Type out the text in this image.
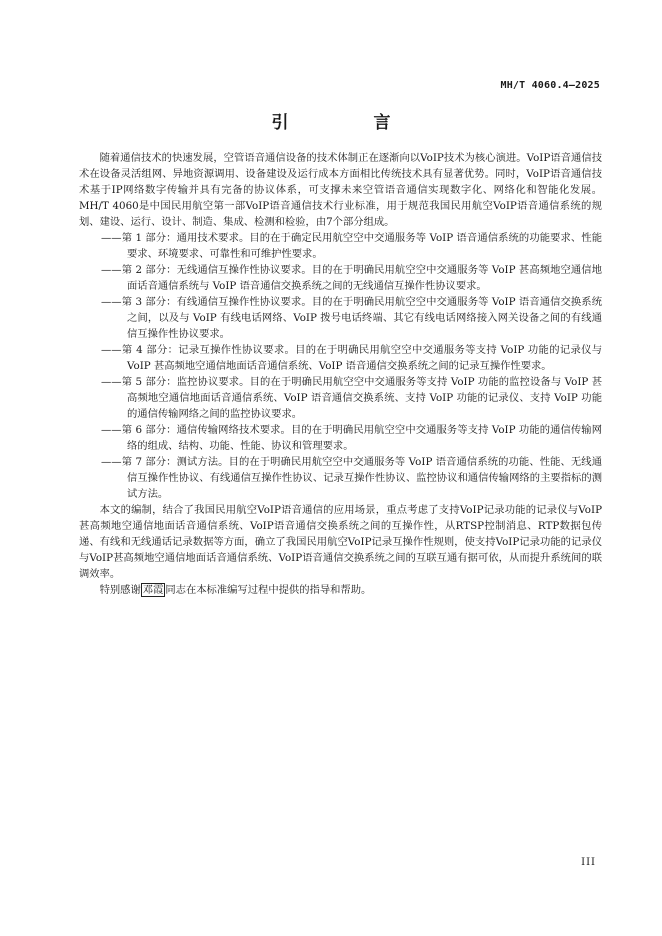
MH/T 4060.4—2025
引　言

随着通信技术的快速发展，空管语音通信设备的技术体制正在逐渐向以VoIP技术为核心演进。VoIP语音通信技术在设备灵活组网、异地资源调用、设备建设及运行成本方面相比传统技术具有显著优势。同时，VoIP语音通信技术基于IP网络数字传输并具有完备的协议体系，可支撑未来空管语音通信实现数字化、网络化和智能化发展。MH/T 4060是中国民用航空第一部VoIP语音通信技术行业标准，用于规范我国民用航空VoIP语音通信系统的规划、建设、运行、设计、制造、集成、检测和检验，由7个部分组成。

——第 1 部分：通用技术要求。目的在于确定民用航空空中交通服务等 VoIP 语音通信系统的功能要求、性能要求、环境要求、可靠性和可维护性要求。
——第 2 部分：无线通信互操作性协议要求。目的在于明确民用航空空中交通服务等 VoIP 甚高频地空通信地面话音通信系统与 VoIP 语音通信交换系统之间的无线通信互操作性协议要求。
——第 3 部分：有线通信互操作性协议要求。目的在于明确民用航空空中交通服务等 VoIP 语音通信交换系统之间，以及与 VoIP 有线电话网络、VoIP 拨号电话终端、其它有线电话网络接入网关设备之间的有线通信互操作性协议要求。
——第 4 部分：记录互操作性协议要求。目的在于明确民用航空空中交通服务等支持 VoIP 功能的记录仪与 VoIP 甚高频地空通信地面话音通信系统、VoIP 语音通信交换系统之间的记录互操作性要求。
——第 5 部分：监控协议要求。目的在于明确民用航空空中交通服务等支持 VoIP 功能的监控设备与 VoIP 甚高频地空通信地面话音通信系统、VoIP 语音通信交换系统、支持 VoIP 功能的记录仪、支持 VoIP 功能的通信传输网络之间的监控协议要求。
——第 6 部分：通信传输网络技术要求。目的在于明确民用航空空中交通服务等支持 VoIP 功能的通信传输网络的组成、结构、功能、性能、协议和管理要求。
——第 7 部分：测试方法。目的在于明确民用航空空中交通服务等 VoIP 语音通信系统的功能、性能、无线通信互操作性协议、有线通信互操作性协议、记录互操作性协议、监控协议和通信传输网络的主要指标的测试方法。

本文的编制，结合了我国民用航空VoIP语音通信的应用场景，重点考虑了支持VoIP记录功能的记录仪与VoIP甚高频地空通信地面话音通信系统、VoIP语音通信交换系统之间的互操作性，从RTSP控制消息、RTP数据包传递、有线和无线通话记录数据等方面，确立了我国民用航空VoIP记录互操作性规则，使支持VoIP记录功能的记录仪与VoIP甚高频地空通信地面话音通信系统、VoIP语音通信交换系统之间的互联互通有据可依，从而提升系统间的联调效率。

特别感谢 邓霞 同志在本标准编写过程中提供的指导和帮助。

III
